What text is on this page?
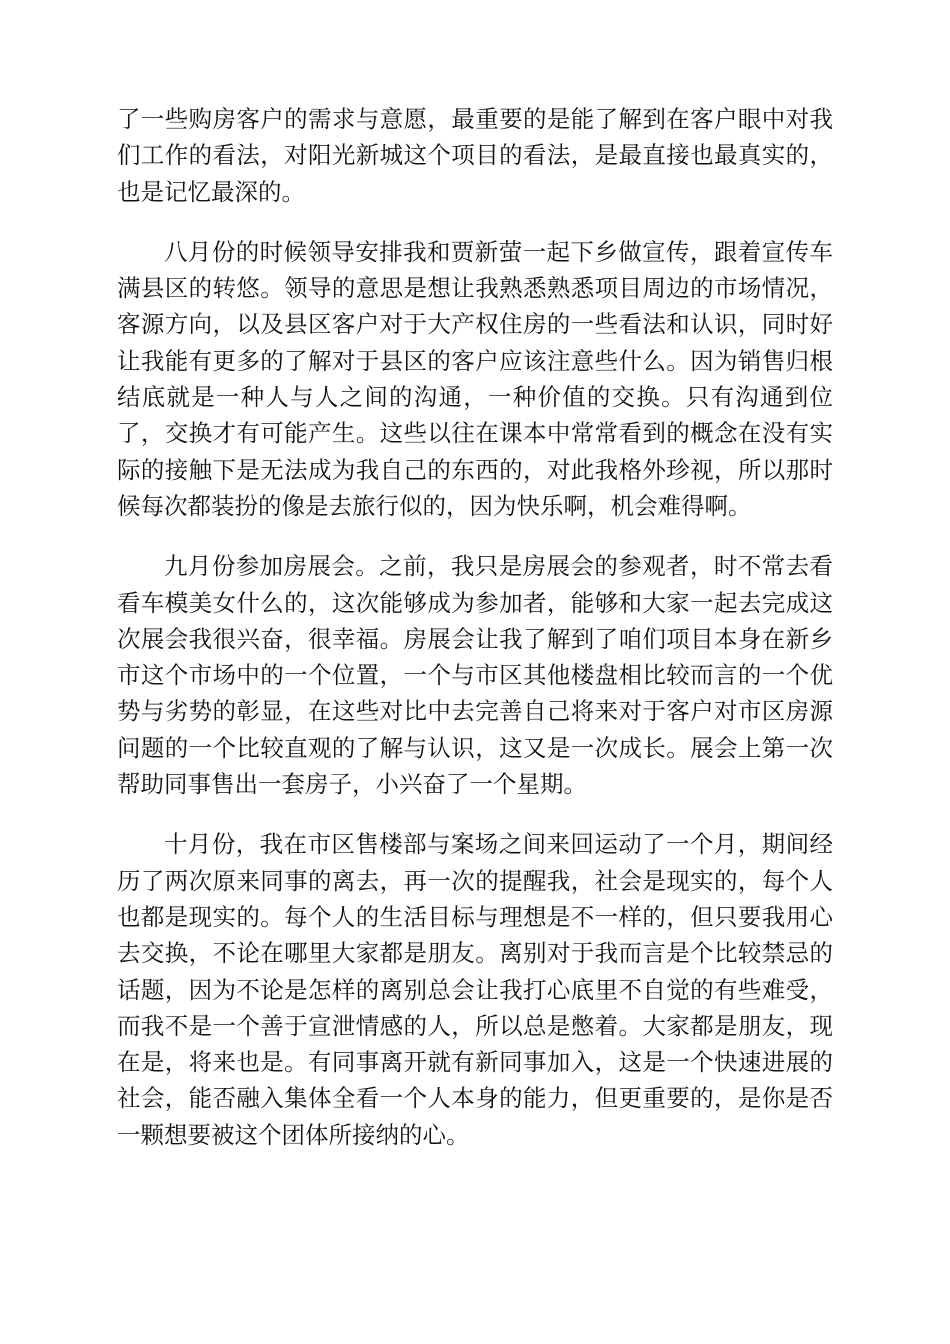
了一些购房客户的需求与意愿，最重要的是能了解到在客户眼中对我们工作的看法，对阳光新城这个项目的看法，是最直接也最真实的，也是记忆最深的。

八月份的时候领导安排我和贾新萤一起下乡做宣传，跟着宣传车满县区的转悠。领导的意思是想让我熟悉熟悉项目周边的市场情况，客源方向，以及县区客户对于大产权住房的一些看法和认识，同时好让我能有更多的了解对于县区的客户应该注意些什么。因为销售归根结底就是一种人与人之间的沟通，一种价值的交换。只有沟通到位了，交换才有可能产生。这些以往在课本中常常看到的概念在没有实际的接触下是无法成为我自己的东西的，对此我格外珍视，所以那时候每次都装扮的像是去旅行似的，因为快乐啊，机会难得啊。

九月份参加房展会。之前，我只是房展会的参观者，时不常去看看车模美女什么的，这次能够成为参加者，能够和大家一起去完成这次展会我很兴奋，很幸福。房展会让我了解到了咱们项目本身在新乡市这个市场中的一个位置，一个与市区其他楼盘相比较而言的一个优势与劣势的彰显，在这些对比中去完善自己将来对于客户对市区房源问题的一个比较直观的了解与认识，这又是一次成长。展会上第一次帮助同事售出一套房子，小兴奋了一个星期。

十月份，我在市区售楼部与案场之间来回运动了一个月，期间经历了两次原来同事的离去，再一次的提醒我，社会是现实的，每个人也都是现实的。每个人的生活目标与理想是不一样的，但只要我用心去交换，不论在哪里大家都是朋友。离别对于我而言是个比较禁忌的话题，因为不论是怎样的离别总会让我打心底里不自觉的有些难受，而我不是一个善于宣泄情感的人，所以总是憋着。大家都是朋友，现在是，将来也是。有同事离开就有新同事加入，这是一个快速进展的社会，能否融入集体全看一个人本身的能力，但更重要的，是你是否一颗想要被这个团体所接纳的心。
